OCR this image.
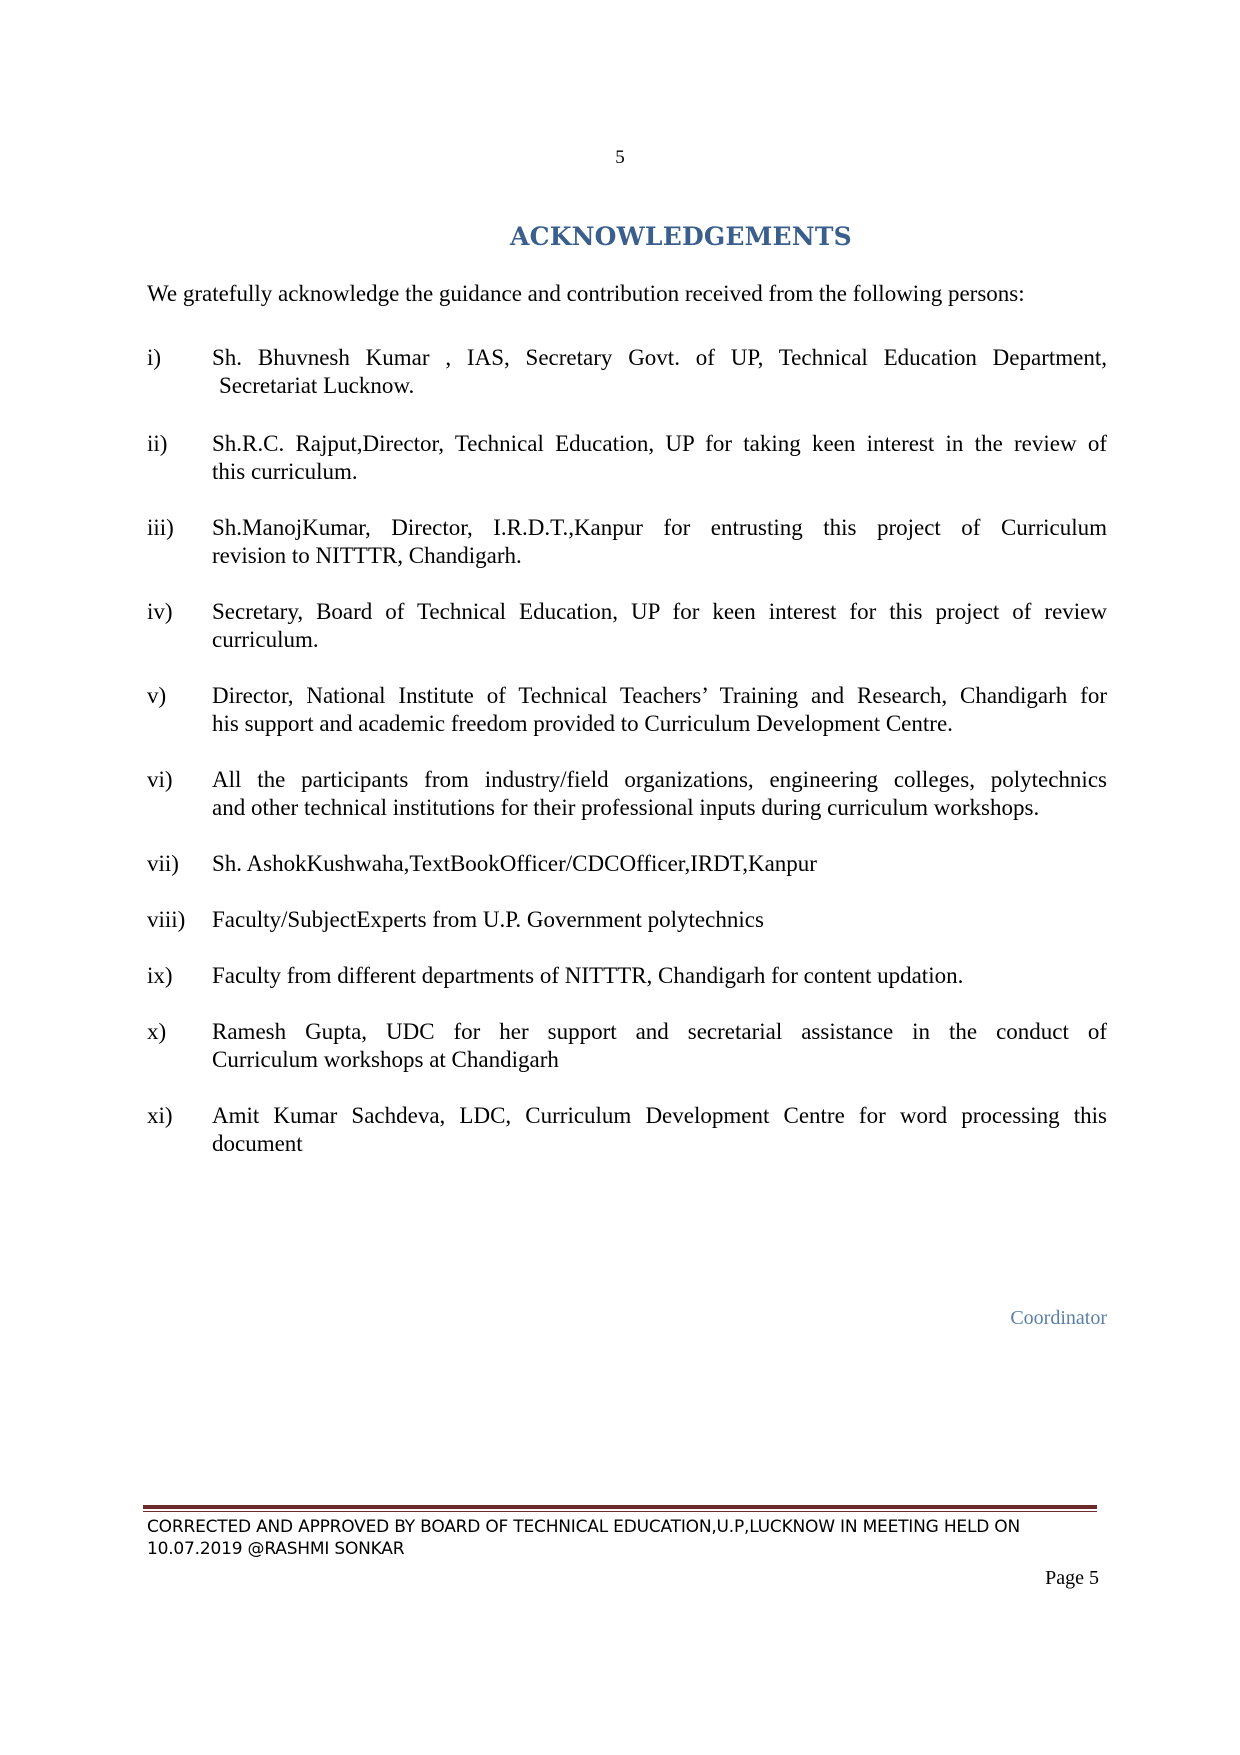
5
ACKNOWLEDGEMENTS
We gratefully acknowledge the guidance and contribution received from the following persons:
i) Sh. Bhuvnesh Kumar , IAS, Secretary Govt. of UP, Technical Education Department,
Secretariat Lucknow.
ii) Sh.R.C. Rajput,Director, Technical Education, UP for taking keen interest in the review of
this curriculum.
iii) Sh.ManojKumar, Director, I.R.D.T.,Kanpur for entrusting this project of Curriculum
revision to NITTTR, Chandigarh.
iv) Secretary, Board of Technical Education, UP for keen interest for this project of review
curriculum.
v) Director, National Institute of Technical Teachers’ Training and Research, Chandigarh for
his support and academic freedom provided to Curriculum Development Centre.
vi) All the participants from industry/field organizations, engineering colleges, polytechnics
and other technical institutions for their professional inputs during curriculum workshops.
vii) Sh. AshokKushwaha,TextBookOfficer/CDCOfficer,IRDT,Kanpur
viii) Faculty/SubjectExperts from U.P. Government polytechnics
ix) Faculty from different departments of NITTTR, Chandigarh for content updation.
x) Ramesh Gupta, UDC for her support and secretarial assistance in the conduct of
Curriculum workshops at Chandigarh
xi) Amit Kumar Sachdeva, LDC, Curriculum Development Centre for word processing this
document
Coordinator
CORRECTED AND APPROVED BY BOARD OF TECHNICAL EDUCATION,U.P,LUCKNOW IN MEETING HELD ON
10.07.2019 @RASHMI SONKAR
Page 5
